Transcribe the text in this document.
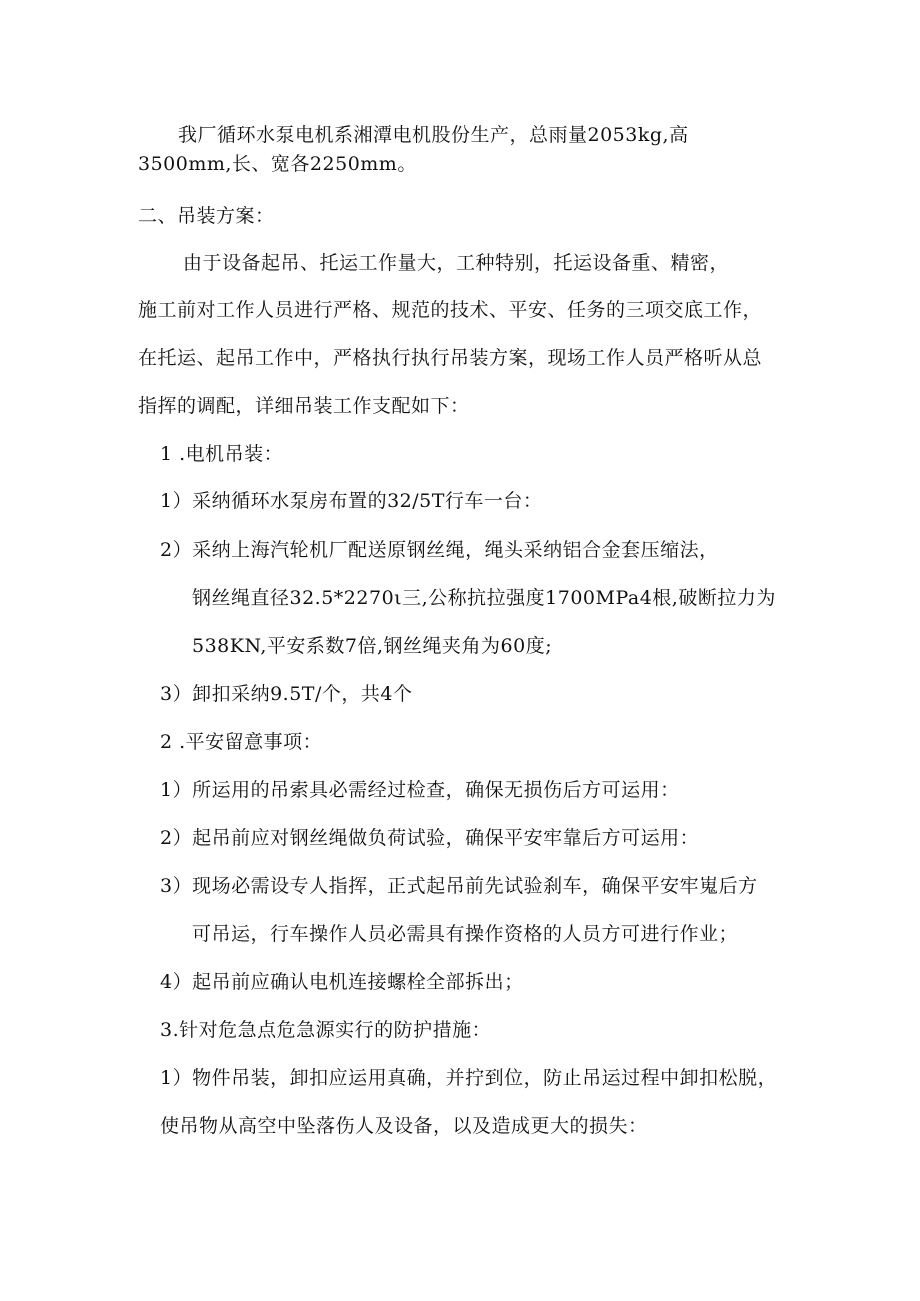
我厂循环水泵电机系湘潭电机股份生产，总雨量2053kg,高
3500mm,长、宽各2250mm。
二、吊装方案：
由于设备起吊、托运工作量大，工种特别，托运设备重、精密，
施工前对工作人员进行严格、规范的技术、平安、任务的三项交底工作，
在托运、起吊工作中，严格执行执行吊装方案，现场工作人员严格听从总
指挥的调配，详细吊装工作支配如下：
1 .电机吊装：
1）采纳循环水泵房布置的32/5T行车一台：
2）采纳上海汽轮机厂配送原钢丝绳，绳头采纳铝合金套压缩法，
钢丝绳直径32.5*2270ι三,公称抗拉强度1700MPa4根,破断拉力为
538KN,平安系数7倍,钢丝绳夹角为60度;
3）卸扣采纳9.5T/个，共4个
2 .平安留意事项：
1）所运用的吊索具必需经过检查，确保无损伤后方可运用：
2）起吊前应对钢丝绳做负荷试验，确保平安牢靠后方可运用：
3）现场必需设专人指挥，正式起吊前先试验刹车，确保平安牢嵬后方
可吊运，行车操作人员必需具有操作资格的人员方可进行作业；
4）起吊前应确认电机连接螺栓全部拆出；
3.针对危急点危急源实行的防护措施：
1）物件吊装，卸扣应运用真确，并拧到位，防止吊运过程中卸扣松脱，
使吊物从高空中坠落伤人及设备，以及造成更大的损失：
